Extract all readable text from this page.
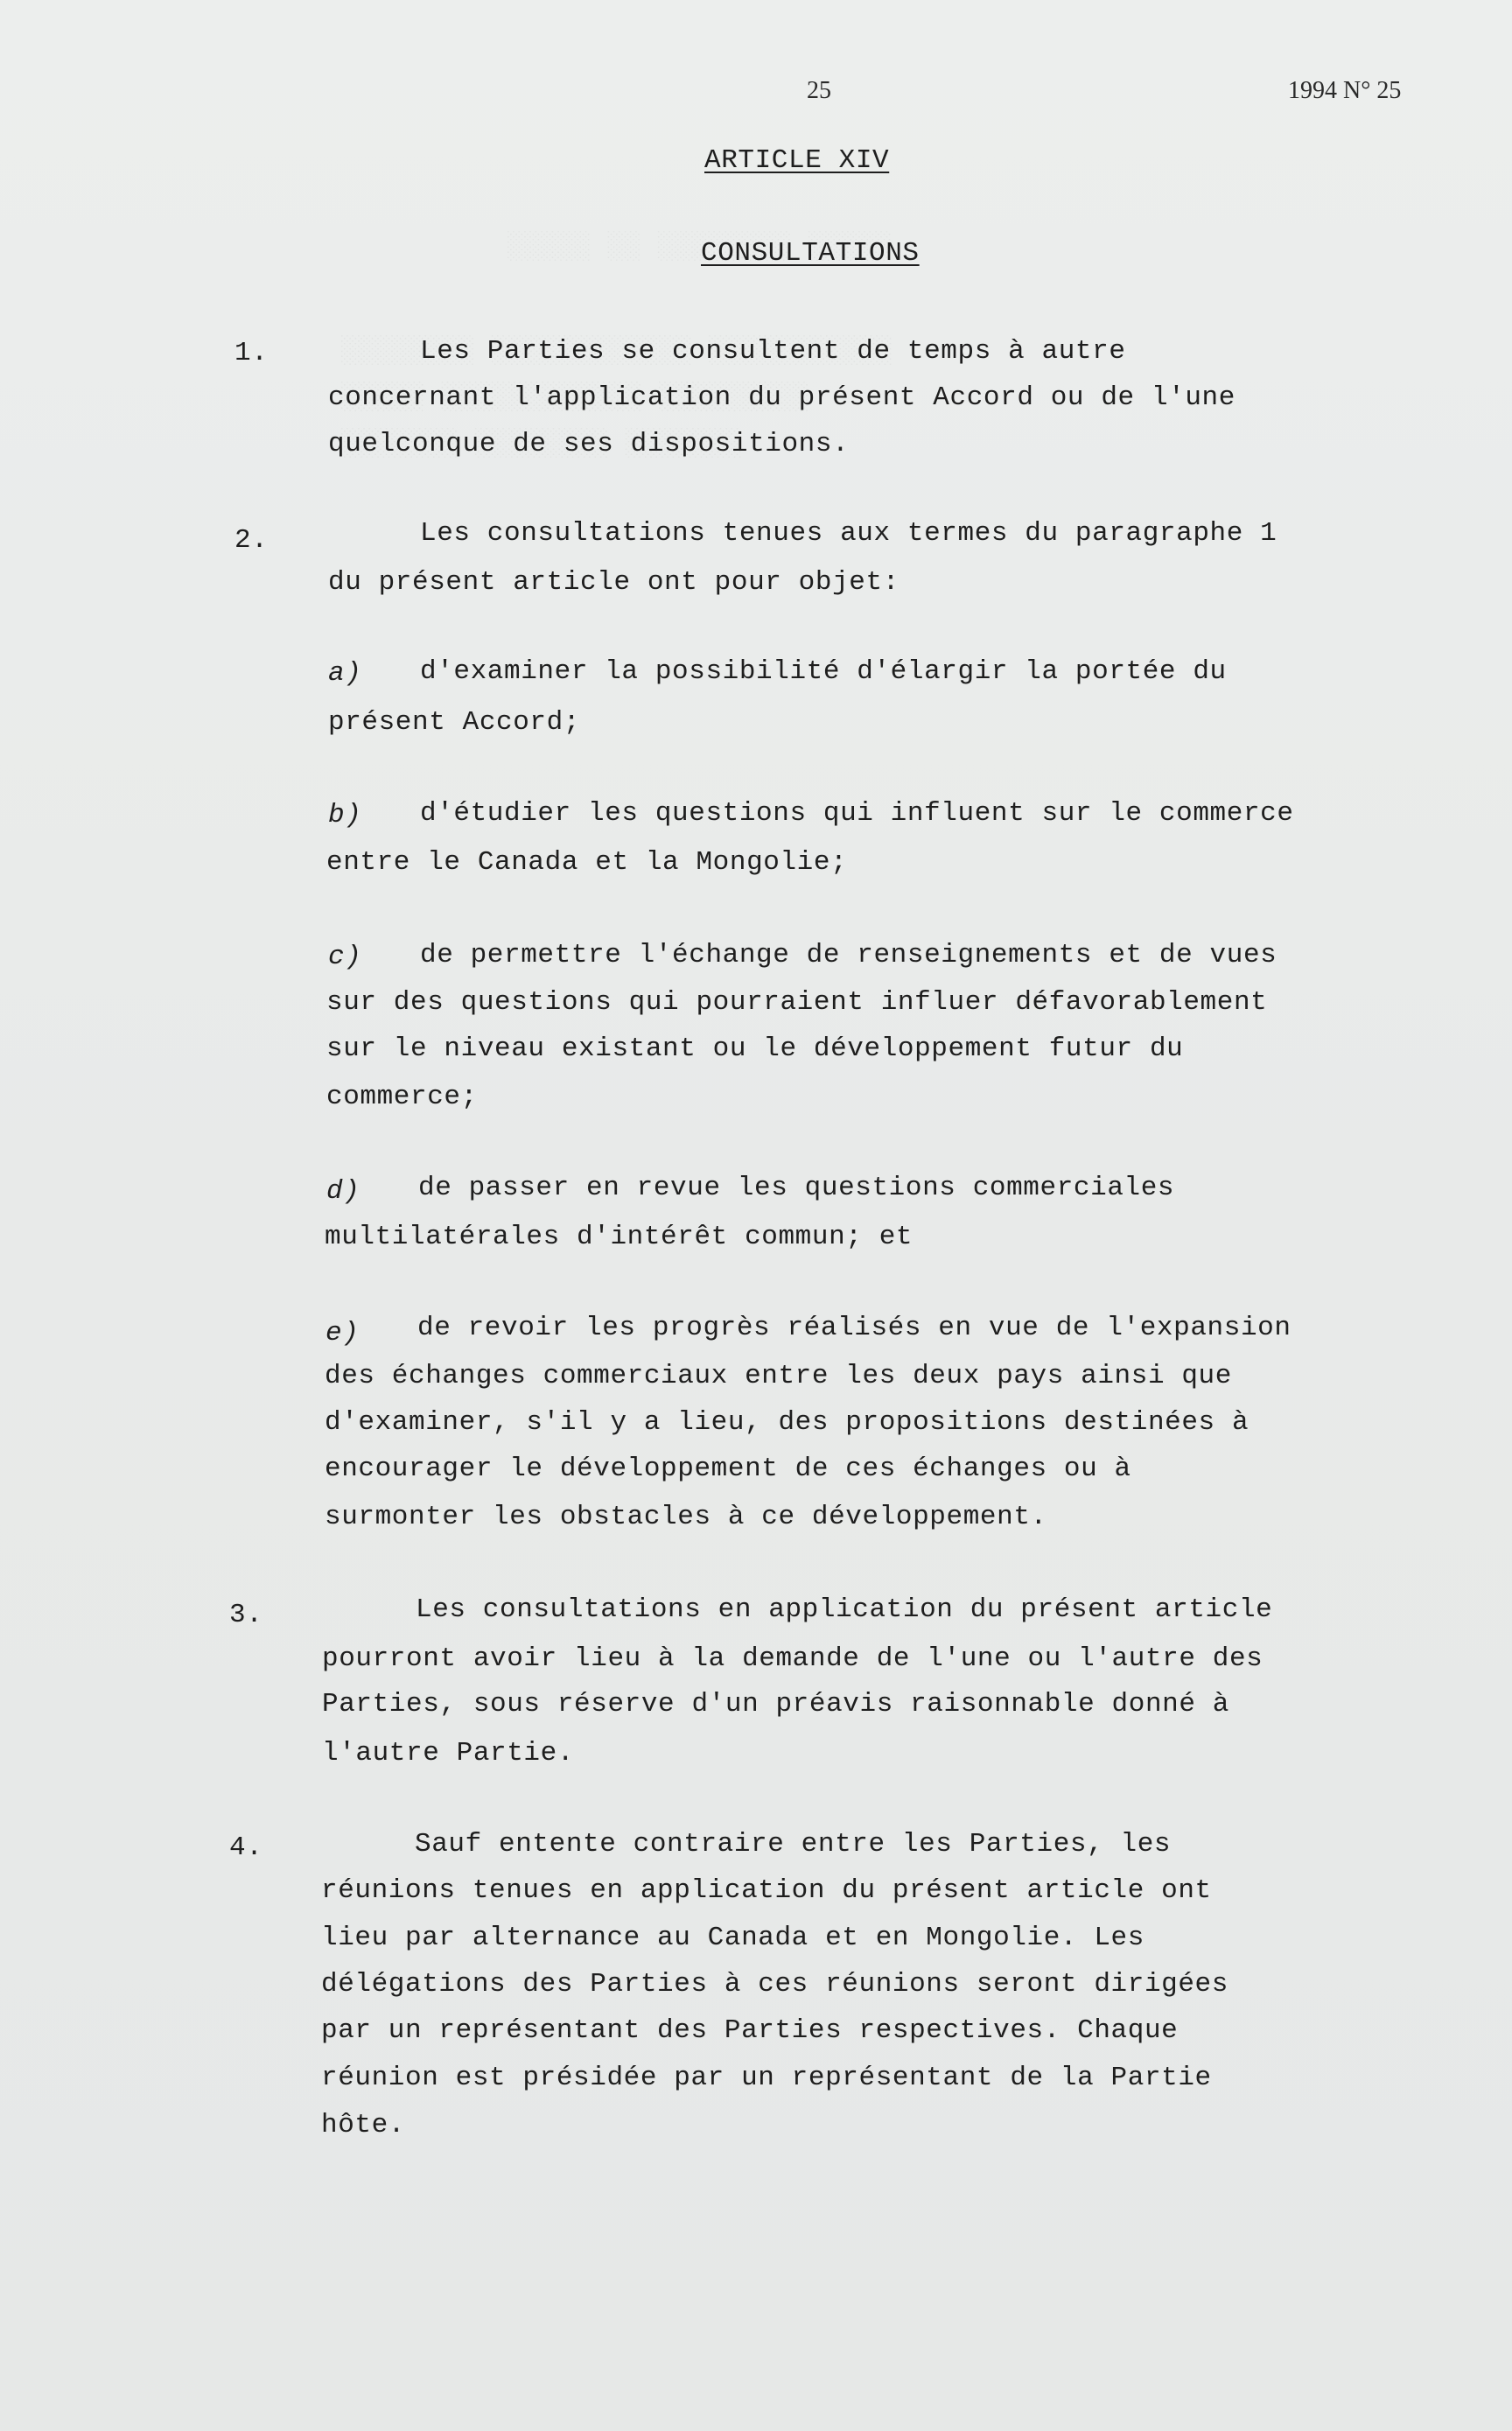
25	1994 N° 25
ARTICLE XIV
CONSULTATIONS
1.	Les Parties se consultent de temps à autre
concernant l'application du présent Accord ou de l'une
quelconque de ses dispositions.
2.	Les consultations tenues aux termes du paragraphe 1
du présent article ont pour objet:
a) d'examiner la possibilité d'élargir la portée du
présent Accord;
b) d'étudier les questions qui influent sur le commerce
entre le Canada et la Mongolie;
c) de permettre l'échange de renseignements et de vues
sur des questions qui pourraient influer défavorablement
sur le niveau existant ou le développement futur du
commerce;
d) de passer en revue les questions commerciales
multilatérales d'intérêt commun; et
e) de revoir les progrès réalisés en vue de l'expansion
des échanges commerciaux entre les deux pays ainsi que
d'examiner, s'il y a lieu, des propositions destinées à
encourager le développement de ces échanges ou à
surmonter les obstacles à ce développement.
3.	Les consultations en application du présent article
pourront avoir lieu à la demande de l'une ou l'autre des
Parties, sous réserve d'un préavis raisonnable donné à
l'autre Partie.
4.	Sauf entente contraire entre les Parties, les
réunions tenues en application du présent article ont
lieu par alternance au Canada et en Mongolie. Les
délégations des Parties à ces réunions seront dirigées
par un représentant des Parties respectives. Chaque
réunion est présidée par un représentant de la Partie
hôte.
